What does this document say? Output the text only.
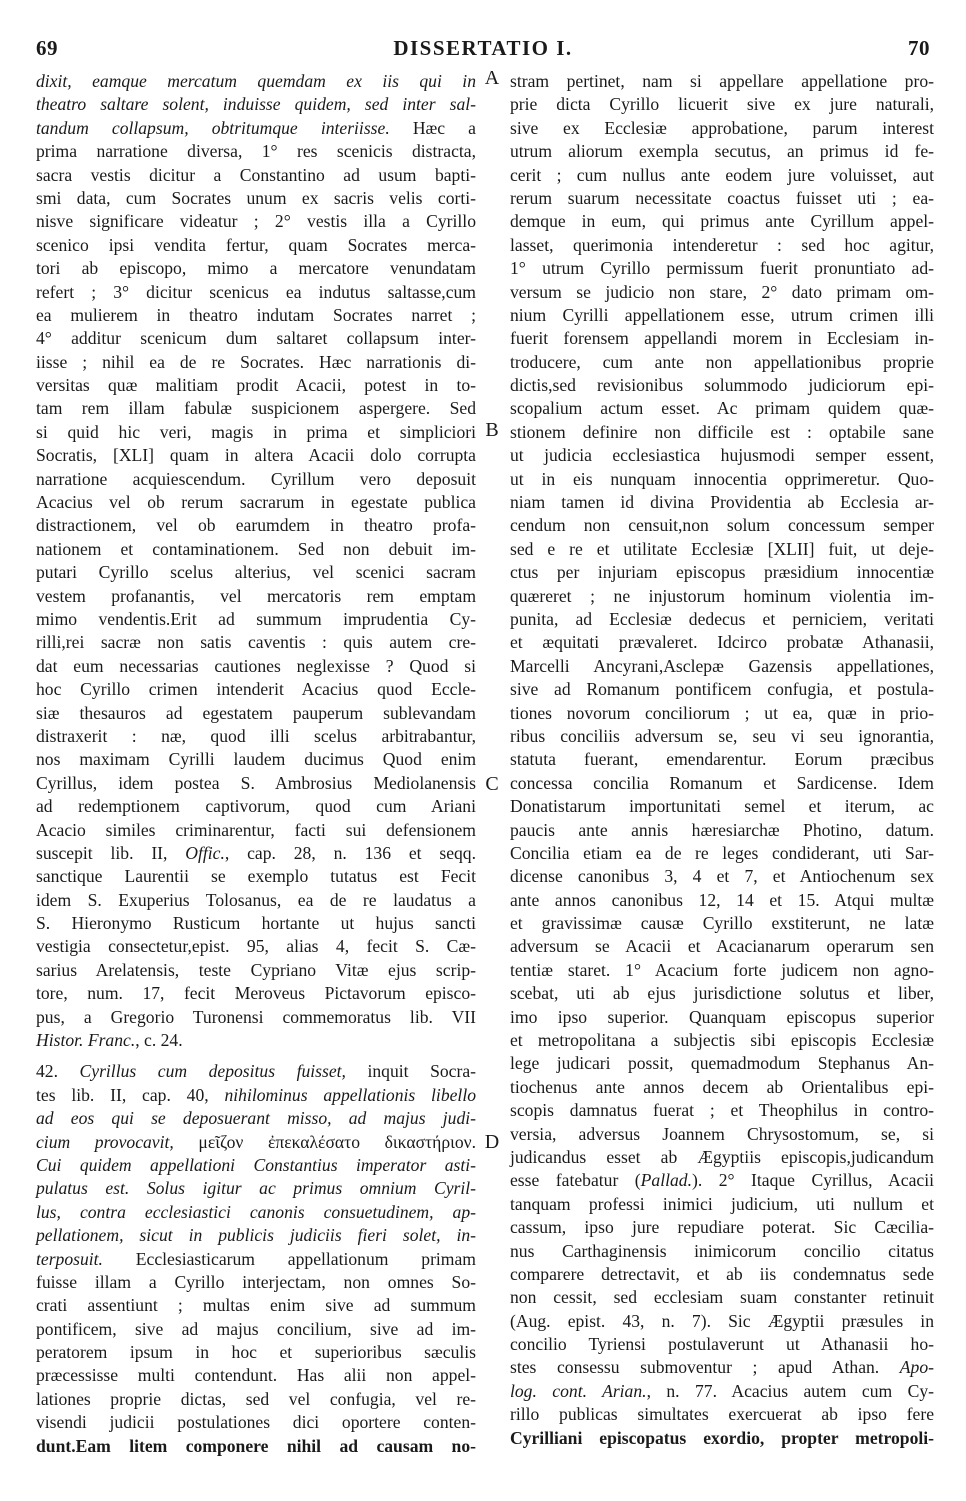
69	DISSERTATIO I.	70
dixit, eamque mercatum quemdam ex iis qui in
theatro saltare solent, induisse quidem, sed inter sal-
tandum collapsum, obtritumque interiisse. Hæc a
prima narratione diversa, 1° res scenicis distracta,
sacra vestis dicitur a Constantino ad usum bapti-
smi data, cum Socrates unum ex sacris velis corti-
nisve significare videatur ; 2° vestis illa a Cyrillo
scenico ipsi vendita fertur, quam Socrates merca-
tori ab episcopo, mimo a mercatore venundatam
refert ; 3° dicitur scenicus ea indutus saltasse,cum
ea mulierem in theatro indutam Socrates narret ;
4° additur scenicum dum saltaret collapsum inter-
iisse ; nihil ea de re Socrates. Hæc narrationis di-
versitas quæ malitiam prodit Acacii, potest in to-
tam rem illam fabulæ suspicionem aspergere. Sed
si quid hic veri, magis in prima et simpliciori
Socratis, [XLI] quam in altera Acacii dolo corrupta
narratione acquiescendum. Cyrillum vero deposuit
Acacius vel ob rerum sacrarum in egestate publica
distractionem, vel ob earumdem in theatro profa-
nationem et contaminationem. Sed non debuit im-
putari Cyrillo scelus alterius, vel scenici sacram
vestem profanantis, vel mercatoris rem emptam
mimo vendentis.Erit ad summum imprudentia Cy-
rilli,rei sacræ non satis caventis : quis autem cre-
dat eum necessarias cautiones neglexisse ? Quod si
hoc Cyrillo crimen intenderit Acacius quod Eccle-
siæ thesauros ad egestatem pauperum sublevandam
distraxerit : næ, quod illi scelus arbitrabantur,
nos maximam Cyrilli laudem ducimus Quod enim
Cyrillus, idem postea S. Ambrosius Mediolanensis
ad redemptionem captivorum, quod cum Ariani
Acacio similes criminarentur, facti sui defensionem
suscepit lib. II, Offic., cap. 28, n. 136 et seqq.
sanctique Laurentii se exemplo tutatus est Fecit
idem S. Exuperius Tolosanus, ea de re laudatus a
S. Hieronymo Rusticum hortante ut hujus sancti
vestigia consectetur,epist. 95, alias 4, fecit S. Cæ-
sarius Arelatensis, teste Cypriano Vitæ ejus scrip-
tore, num. 17, fecit Meroveus Pictavorum episco-
pus, a Gregorio Turonensi commemoratus lib. VII
Histor. Franc., c. 24.
42. Cyrillus cum depositus fuisset, inquit Socra-
tes lib. II, cap. 40, nihilominus appellationis libello
ad eos qui se deposuerant misso, ad majus judi-
cium provocavit, μεῖζον ἐπεκαλέσατο δικαστήριον.
Cui quidem appellationi Constantius imperator asti-
pulatus est. Solus igitur ac primus omnium Cyril-
lus, contra ecclesiastici canonis consuetudinem, ap-
pellationem, sicut in publicis judiciis fieri solet, in-
terposuit. Ecclesiasticarum appellationum primam
fuisse illam a Cyrillo interjectam, non omnes So-
crati assentiunt ; multas enim sive ad summum
pontificem, sive ad majus concilium, sive ad im-
peratorem ipsum in hoc et superioribus sæculis
præcessisse multi contendunt. Has alii non appel-
lationes proprie dictas, sed vel confugia, vel re-
visendi judicii postulationes dici oportere conten-
dunt.Eam litem componere nihil ad causam no-
stram pertinet, nam si appellare appellatione pro-
prie dicta Cyrillo licuerit sive ex jure naturali,
sive ex Ecclesiæ approbatione, parum interest
utrum aliorum exempla secutus, an primus id fe-
cerit ; cum nullus ante eodem jure voluisset, aut
rerum suarum necessitate coactus fuisset uti ; ea-
demque in eum, qui primus ante Cyrillum appel-
lasset, querimonia intenderetur : sed hoc agitur,
1° utrum Cyrillo permissum fuerit pronuntiato ad-
versum se judicio non stare, 2° dato primam om-
nium Cyrilli appellationem esse, utrum crimen illi
fuerit forensem appellandi morem in Ecclesiam in-
troducere, cum ante non appellationibus proprie
dictis,sed revisionibus solummodo judiciorum epi-
scopalium actum esset. Ac primam quidem quæ-
stionem definire non difficile est : optabile sane
ut judicia ecclesiastica hujusmodi semper essent,
ut in eis nunquam innocentia opprimeretur. Quo-
niam tamen id divina Providentia ab Ecclesia ar-
cendum non censuit,non solum concessum semper
sed e re et utilitate Ecclesiæ [XLII] fuit, ut deje-
ctus per injuriam episcopus præsidium innocentiæ
quæreret ; ne injustorum hominum violentia im-
punita, ad Ecclesiæ dedecus et perniciem, veritati
et æquitati prævaleret. Idcirco probatæ Athanasii,
Marcelli Ancyrani,Asclepæ Gazensis appellationes,
sive ad Romanum pontificem confugia, et postula-
tiones novorum conciliorum ; ut ea, quæ in prio-
ribus conciliis adversum se, seu vi seu ignorantia,
statuta fuerant, emendarentur. Eorum præcibus
concessa concilia Romanum et Sardicense. Idem
Donatistarum importunitati semel et iterum, ac
paucis ante annis hæresiarchæ Photino, datum.
Concilia etiam ea de re leges condiderant, uti Sar-
dicense canonibus 3, 4 et 7, et Antiochenum sex
ante annos canonibus 12, 14 et 15. Atqui multæ
et gravissimæ causæ Cyrillo exstiterunt, ne latæ
adversum se Acacii et Acacianarum operarum sen
tentiæ staret. 1° Acacium forte judicem non agno-
scebat, uti ab ejus jurisdictione solutus et liber,
imo ipso superior. Quanquam episcopus superior
et metropolitana a subjectis sibi episcopis Ecclesiæ
lege judicari possit, quemadmodum Stephanus An-
tiochenus ante annos decem ab Orientalibus epi-
scopis damnatus fuerat ; et Theophilus in contro-
versia, adversus Joannem Chrysostomum, se, si
judicandus esset ab Ægyptiis episcopis,judicandum
esse fatebatur (Pallad.). 2° Itaque Cyrillus, Acacii
tanquam professi inimici judicium, uti nullum et
cassum, ipso jure repudiare poterat. Sic Cæcilia-
nus Carthaginensis inimicorum concilio citatus
comparere detrectavit, et ab iis condemnatus sede
non cessit, sed ecclesiam suam constanter retinuit
(Aug. epist. 43, n. 7). Sic Ægyptii præsules in
concilio Tyriensi postulaverunt ut Athanasii ho-
stes consessu submoventur ; apud Athan. Apo-
log. cont. Arian., n. 77. Acacius autem cum Cy-
rillo publicas simultates exercuerat ab ipso fere
Cyrilliani episcopatus exordio, propter metropoli-
A
B
C
D
